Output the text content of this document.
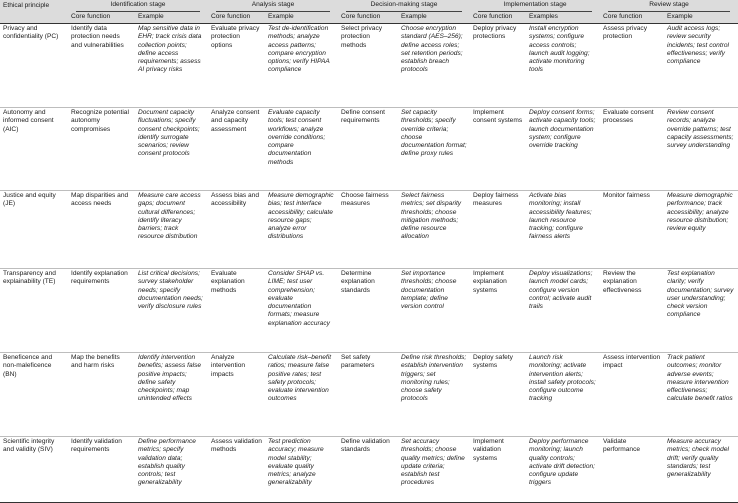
Ethical principle	Identification stage		Analysis stage		Decision-making stage		Implementation stage		Review stage	
	Core function	Example	Core function	Example	Core function	Example	Core function	Examples	Core function	Example
Privacy and confidentiality (PC)	Identify data protection needs and vulnerabilities	Map sensitive data in EHR; track crisis data collection points; define access requirements; assess AI privacy risks	Evaluate privacy protection options	Test de-identification methods; analyze access patterns; compare encryption options; verify HIPAA compliance	Select privacy protection methods	Choose encryption standard (AES–256); define access roles; set retention periods; establish breach protocols	Deploy privacy protections	Install encryption systems; configure access controls; launch audit logging; activate monitoring tools	Assess privacy protection	Audit access logs; review security incidents; test control effectiveness; verify compliance
Autonomy and informed consent (AIC)	Recognize potential autonomy compromises	Document capacity fluctuations; specify consent checkpoints; identify surrogate scenarios; review consent protocols	Analyze consent and capacity assessment	Evaluate capacity tools; test consent workflows; analyze override conditions; compare documentation methods	Define consent requirements	Set capacity thresholds; specify override criteria; choose documentation format; define proxy rules	Implement consent systems	Deploy consent forms; activate capacity tools; launch documentation system; configure override tracking	Evaluate consent processes	Review consent records; analyze override patterns; test capacity assessments; survey understanding
Justice and equity (JE)	Map disparities and access needs	Measure care access gaps; document cultural differences; identify literacy barriers; track resource distribution	Assess bias and accessibility	Measure demographic bias; test interface accessibility; calculate resource gaps; analyze error distributions	Choose fairness measures	Select fairness metrics; set disparity thresholds; choose mitigation methods; define resource allocation	Deploy fairness measures	Activate bias monitoring; install accessibility features; launch resource tracking; configure fairness alerts	Monitor fairness	Measure demographic performance; track accessibility; analyze resource distribution; review equity
Transparency and explainability (TE)	Identify explanation requirements	List critical decisions; survey stakeholder needs; specify documentation needs; verify disclosure rules	Evaluate explanation methods	Consider SHAP vs. LIME; test user comprehension; evaluate documentation formats; measure explanation accuracy	Determine explanation standards	Set importance thresholds; choose documentation template; define version control	Implement explanation systems	Deploy visualizations; launch model cards; configure version control; activate audit trails	Review the explanation effectiveness	Test explanation clarity; verify documentation; survey user understanding; check version compliance
Beneficence and non-maleficence (BN)	Map the benefits and harm risks	Identify intervention benefits; assess false positive impacts; define safety checkpoints; map unintended effects	Analyze intervention impacts	Calculate risk–benefit ratios; measure false positive rates; test safety protocols; evaluate intervention outcomes	Set safety parameters	Define risk thresholds; establish intervention triggers; set monitoring rules; choose safety protocols	Deploy safety systems	Launch risk monitoring; activate intervention alerts; install safety protocols; configure outcome tracking	Assess intervention impact	Track patient outcomes; monitor adverse events; measure intervention effectiveness; calculate benefit ratios
Scientific integrity and validity (SIV)	Identify validation requirements	Define performance metrics; specify validation data; establish quality controls; test generalizability	Assess validation methods	Test prediction accuracy; measure model stability; evaluate quality metrics; analyze generalizability	Define validation standards	Set accuracy thresholds; choose quality metrics; define update criteria; establish test procedures	Implement validation systems	Deploy performance monitoring; launch quality controls; activate drift detection; configure update triggers	Validate performance	Measure accuracy metrics; check model drift; verify quality standards; test generalizability
